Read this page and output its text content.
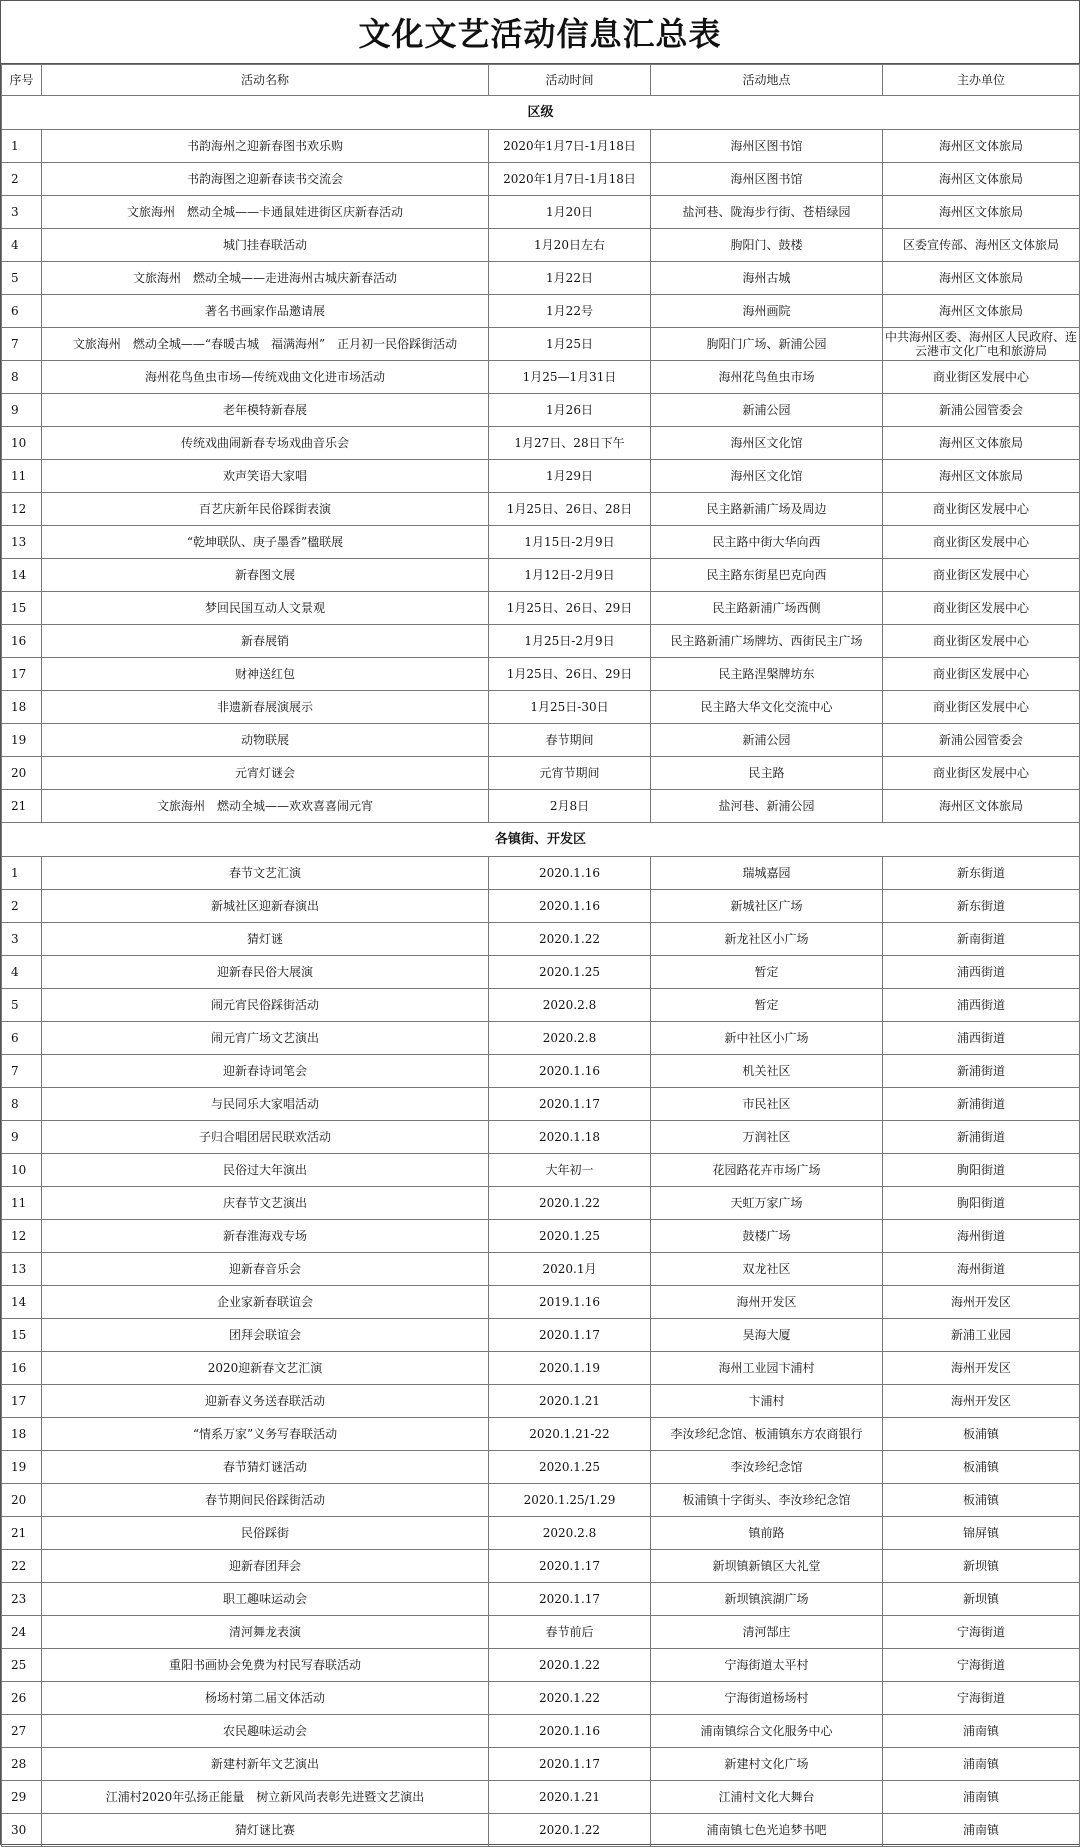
文化文艺活动信息汇总表
序号	活动名称	活动时间	活动地点	主办单位
区级				
1	书韵海州之迎新春图书欢乐购	2020年1月7日-1月18日	海州区图书馆	海州区文体旅局
2	书韵海图之迎新春读书交流会	2020年1月7日-1月18日	海州区图书馆	海州区文体旅局
3	文旅海州　燃动全城——卡通鼠娃进街区庆新春活动	1月20日	盐河巷、陇海步行街、苍梧绿园	海州区文体旅局
4	城门挂春联活动	1月20日左右	朐阳门、鼓楼	区委宣传部、海州区文体旅局
5	文旅海州　燃动全城——走进海州古城庆新春活动	1月22日	海州古城	海州区文体旅局
6	著名书画家作品邀请展	1月22号	海州画院	海州区文体旅局
7	文旅海州　燃动全城——“春暖古城　福满海州”　正月初一民俗踩街活动	1月25日	朐阳门广场、新浦公园	中共海州区委、海州区人民政府、连云港市文化广电和旅游局
8	海州花鸟鱼虫市场—传统戏曲文化进市场活动	1月25—1月31日	海州花鸟鱼虫市场	商业街区发展中心
9	老年模特新春展	1月26日	新浦公园	新浦公园管委会
10	传统戏曲闹新春专场戏曲音乐会	1月27日、28日下午	海州区文化馆	海州区文体旅局
11	欢声笑语大家唱	1月29日	海州区文化馆	海州区文体旅局
12	百艺庆新年民俗踩街表演	1月25日、26日、28日	民主路新浦广场及周边	商业街区发展中心
13	“乾坤联队、庚子墨香”楹联展	1月15日-2月9日	民主路中街大华向西	商业街区发展中心
14	新春图文展	1月12日-2月9日	民主路东街星巴克向西	商业街区发展中心
15	梦回民国互动人文景观	1月25日、26日、29日	民主路新浦广场西侧	商业街区发展中心
16	新春展销	1月25日-2月9日	民主路新浦广场牌坊、西街民主广场	商业街区发展中心
17	财神送红包	1月25日、26日、29日	民主路涅槃牌坊东	商业街区发展中心
18	非遗新春展演展示	1月25日-30日	民主路大华文化交流中心	商业街区发展中心
19	动物联展	春节期间	新浦公园	新浦公园管委会
20	元宵灯谜会	元宵节期间	民主路	商业街区发展中心
21	文旅海州　燃动全城——欢欢喜喜闹元宵	2月8日	盐河巷、新浦公园	海州区文体旅局
各镇街、开发区				
1	春节文艺汇演	2020.1.16	瑞城嘉园	新东街道
2	新城社区迎新春演出	2020.1.16	新城社区广场	新东街道
3	猜灯谜	2020.1.22	新龙社区小广场	新南街道
4	迎新春民俗大展演	2020.1.25	暂定	浦西街道
5	闹元宵民俗踩街活动	2020.2.8	暂定	浦西街道
6	闹元宵广场文艺演出	2020.2.8	新中社区小广场	浦西街道
7	迎新春诗词笔会	2020.1.16	机关社区	新浦街道
8	与民同乐大家唱活动	2020.1.17	市民社区	新浦街道
9	子归合唱团居民联欢活动	2020.1.18	万润社区	新浦街道
10	民俗过大年演出	大年初一	花园路花卉市场广场	朐阳街道
11	庆春节文艺演出	2020.1.22	天虹万家广场	朐阳街道
12	新春淮海戏专场	2020.1.25	鼓楼广场	海州街道
13	迎新春音乐会	2020.1月	双龙社区	海州街道
14	企业家新春联谊会	2019.1.16	海州开发区	海州开发区
15	团拜会联谊会	2020.1.17	昊海大厦	新浦工业园
16	2020迎新春文艺汇演	2020.1.19	海州工业园卞浦村	海州开发区
17	迎新春义务送春联活动	2020.1.21	卞浦村	海州开发区
18	“情系万家”义务写春联活动	2020.1.21-22	李汝珍纪念馆、板浦镇东方农商银行	板浦镇
19	春节猜灯谜活动	2020.1.25	李汝珍纪念馆	板浦镇
20	春节期间民俗踩街活动	2020.1.25/1.29	板浦镇十字街头、李汝珍纪念馆	板浦镇
21	民俗踩街	2020.2.8	镇前路	锦屏镇
22	迎新春团拜会	2020.1.17	新坝镇新镇区大礼堂	新坝镇
23	职工趣味运动会	2020.1.17	新坝镇滨湖广场	新坝镇
24	清河舞龙表演	春节前后	清河郜庄	宁海街道
25	重阳书画协会免费为村民写春联活动	2020.1.22	宁海街道太平村	宁海街道
26	杨场村第二届文体活动	2020.1.22	宁海街道杨场村	宁海街道
27	农民趣味运动会	2020.1.16	浦南镇综合文化服务中心	浦南镇
28	新建村新年文艺演出	2020.1.17	新建村文化广场	浦南镇
29	江浦村2020年弘扬正能量　树立新风尚表彰先进暨文艺演出	2020.1.21	江浦村文化大舞台	浦南镇
30	猜灯谜比赛	2020.1.22	浦南镇七色光追梦书吧	浦南镇
